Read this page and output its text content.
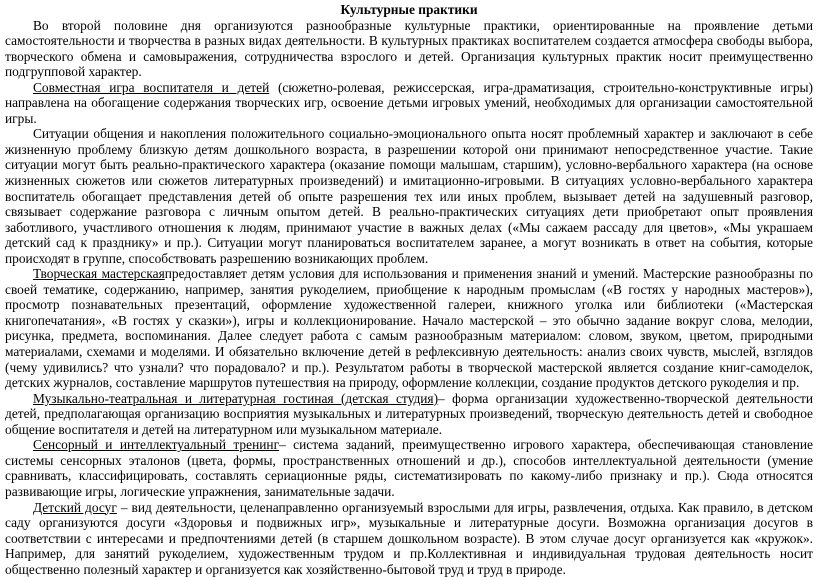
Культурные практики

Во второй половине дня организуются разнообразные культурные практики, ориентированные на проявление детьми самостоятельности и творчества в разных видах деятельности. В культурных практиках воспитателем создается атмосфера свободы выбора, творческого обмена и самовыражения, сотрудничества взрослого и детей. Организация культурных практик носит преимущественно подгрупповой характер.

Совместная игра воспитателя и детей (сюжетно-ролевая, режиссерская, игра-драматизация, строительно-конструктивные игры) направлена на обогащение содержания творческих игр, освоение детьми игровых умений, необходимых для организации самостоятельной игры.

Ситуации общения и накопления положительного социально-эмоционального опыта носят проблемный характер и заключают в себе жизненную проблему близкую детям дошкольного возраста, в разрешении которой они принимают непосредственное участие. Такие ситуации могут быть реально-практического характера (оказание помощи малышам, старшим), условно-вербального характера (на основе жизненных сюжетов или сюжетов литературных произведений) и имитационно-игровыми. В ситуациях условно-вербального характера воспитатель обогащает представления детей об опыте разрешения тех или иных проблем, вызывает детей на задушевный разговор, связывает содержание разговора с личным опытом детей. В реально-практических ситуациях дети приобретают опыт проявления заботливого, участливого отношения к людям, принимают участие в важных делах («Мы сажаем рассаду для цветов», «Мы украшаем детский сад к празднику» и пр.). Ситуации могут планироваться воспитателем заранее, а могут возникать в ответ на события, которые происходят в группе, способствовать разрешению возникающих проблем.

Творческая мастерскаяпредоставляет детям условия для использования и применения знаний и умений. Мастерские разнообразны по своей тематике, содержанию, например, занятия рукоделием, приобщение к народным промыслам («В гостях у народных мастеров»), просмотр познавательных презентаций, оформление художественной галереи, книжного уголка или библиотеки («Мастерская книгопечатания», «В гостях у сказки»), игры и коллекционирование. Начало мастерской – это обычно задание вокруг слова, мелодии, рисунка, предмета, воспоминания. Далее следует работа с самым разнообразным материалом: словом, звуком, цветом, природными материалами, схемами и моделями. И обязательно включение детей в рефлексивную деятельность: анализ своих чувств, мыслей, взглядов (чему удивились? что узнали? что порадовало? и пр.). Результатом работы в творческой мастерской является создание книг-самоделок, детских журналов, составление маршрутов путешествия на природу, оформление коллекции, создание продуктов детского рукоделия и пр.

Музыкально-театральная и литературная гостиная (детская студия)– форма организации художественно-творческой деятельности детей, предполагающая организацию восприятия музыкальных и литературных произведений, творческую деятельность детей и свободное общение воспитателя и детей на литературном или музыкальном материале.

Сенсорный и интеллектуальный тренинг– система заданий, преимущественно игрового характера, обеспечивающая становление системы сенсорных эталонов (цвета, формы, пространственных отношений и др.), способов интеллектуальной деятельности (умение сравнивать, классифицировать, составлять сериационные ряды, систематизировать по какому-либо признаку и пр.). Сюда относятся развивающие игры, логические упражнения, занимательные задачи.

Детский досуг – вид деятельности, целенаправленно организуемый взрослыми для игры, развлечения, отдыха. Как правило, в детском саду организуются досуги «Здоровья и подвижных игр», музыкальные и литературные досуги. Возможна организация досугов в соответствии с интересами и предпочтениями детей (в старшем дошкольном возрасте). В этом случае досуг организуется как «кружок». Например, для занятий рукоделием, художественным трудом и пр.Коллективная и индивидуальная трудовая деятельность носит общественно полезный характер и организуется как хозяйственно-бытовой труд и труд в природе.
